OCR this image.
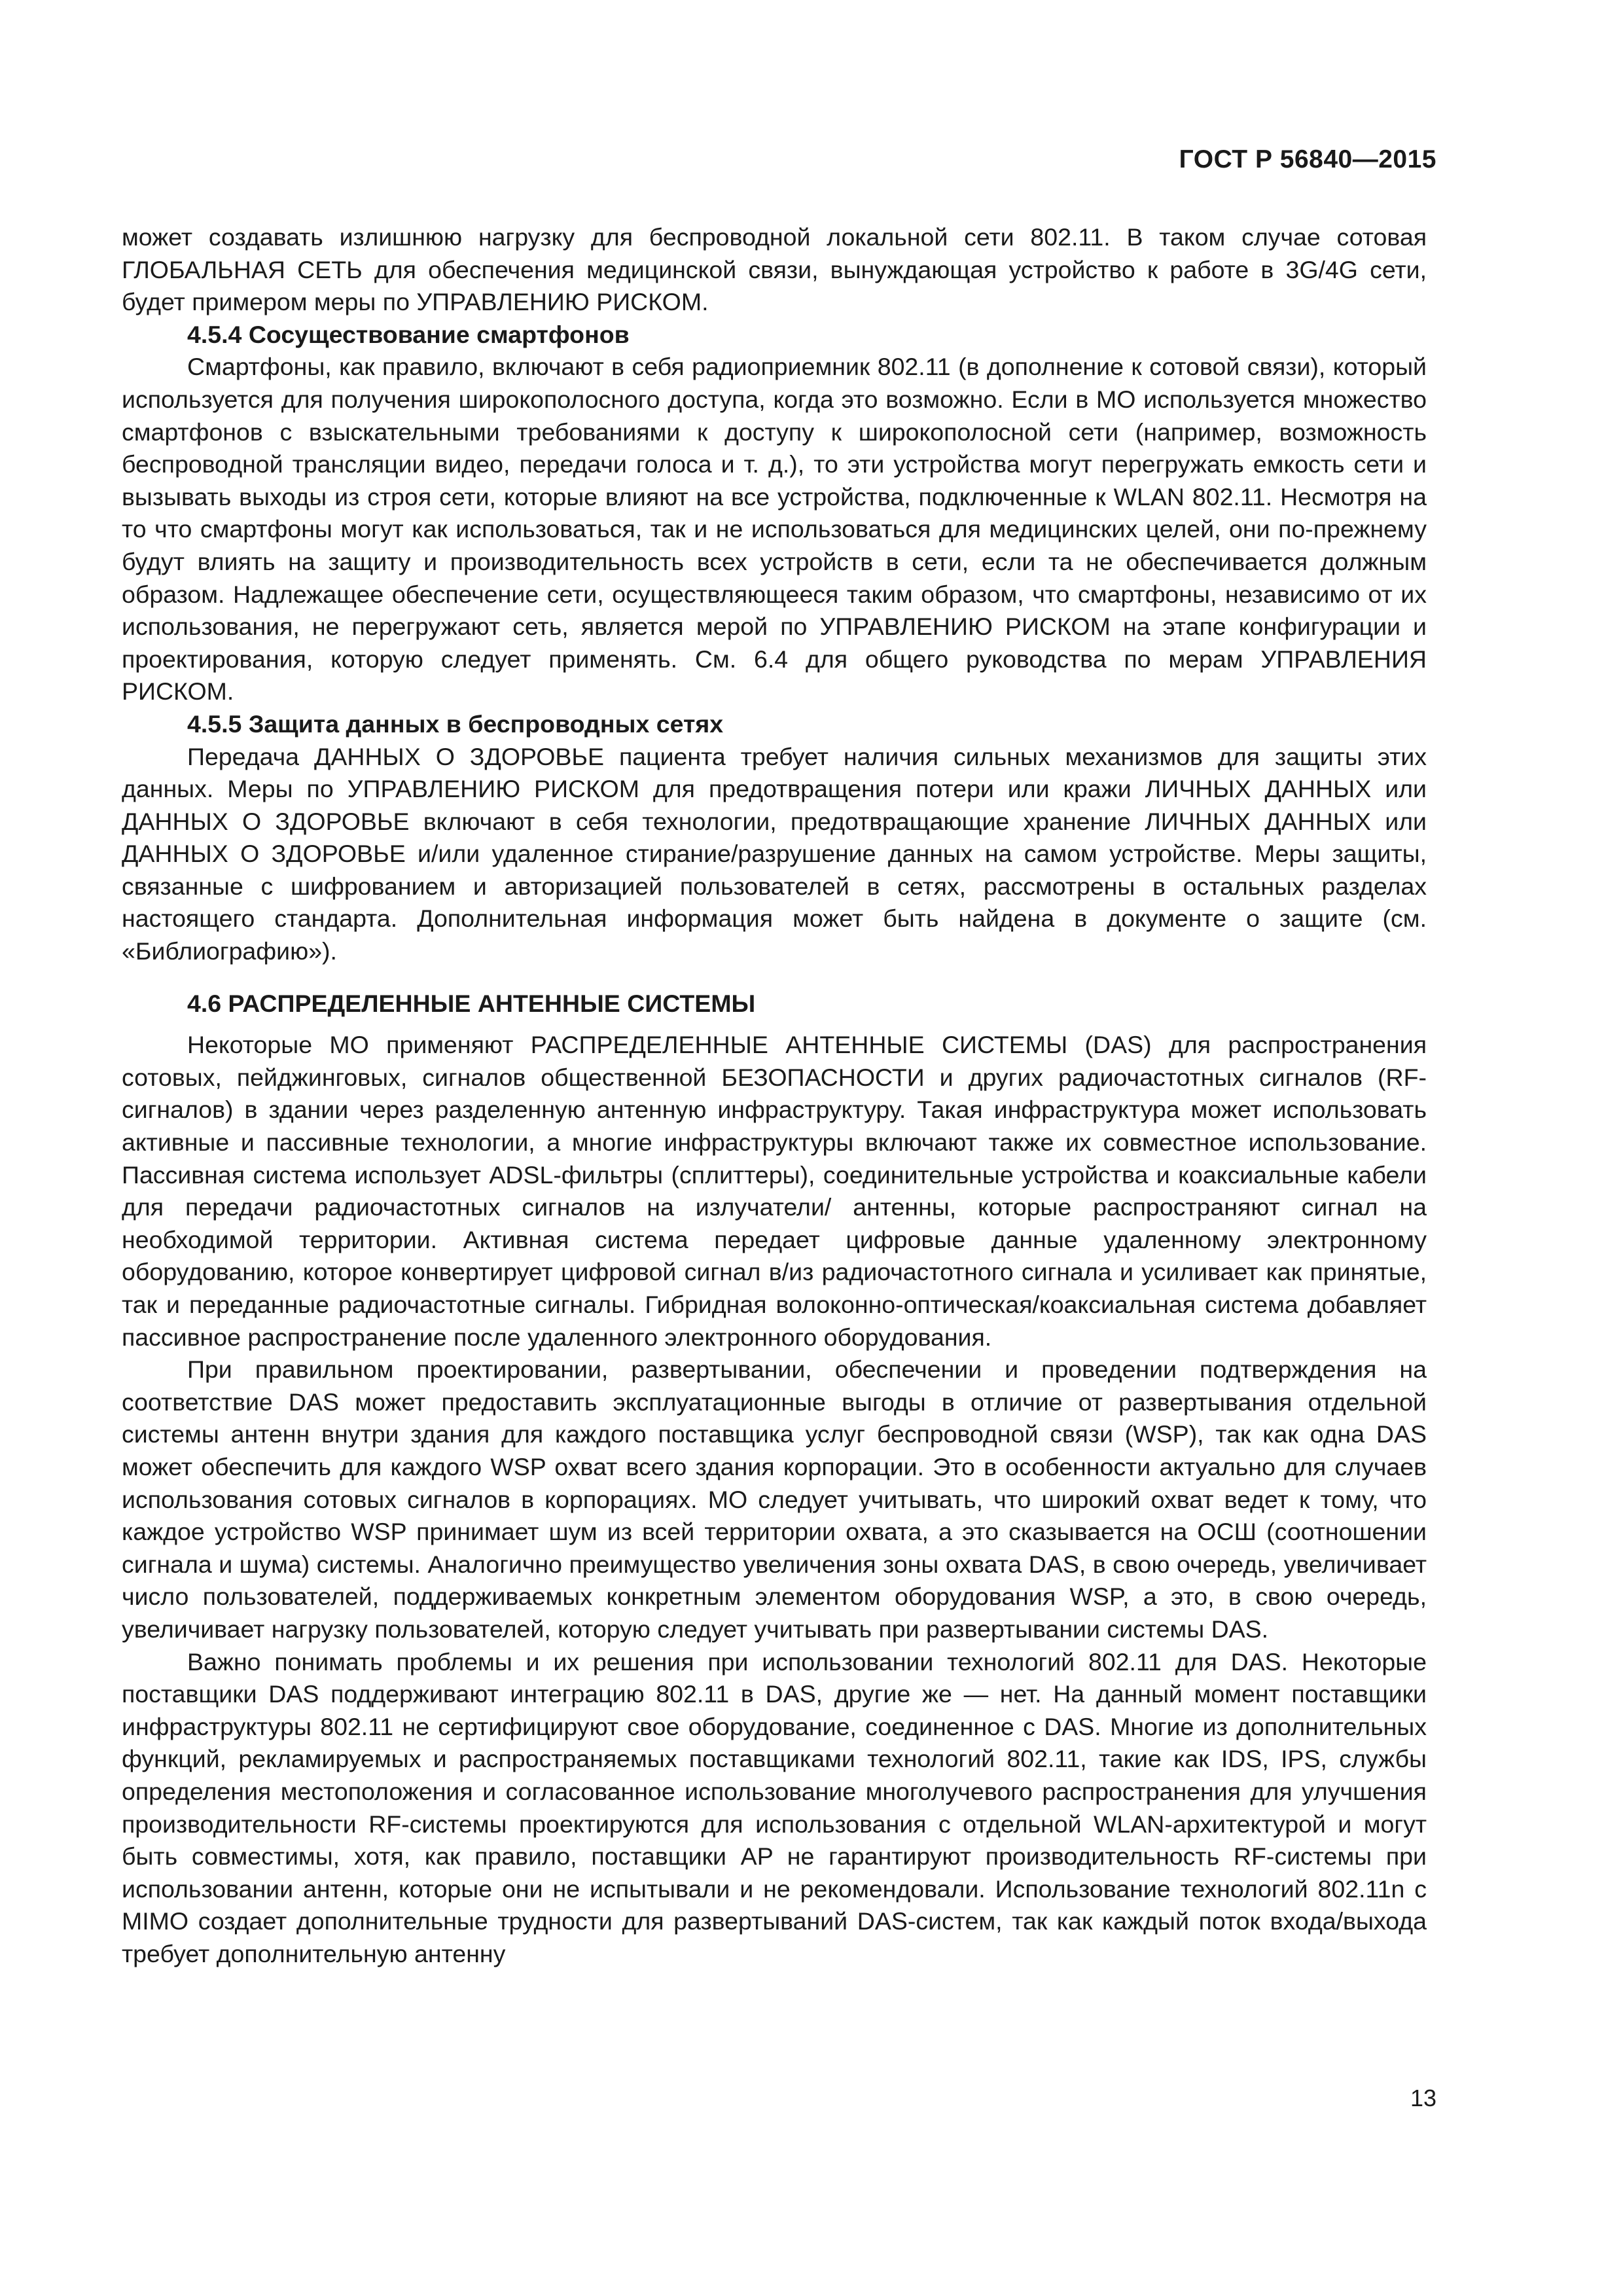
ГОСТ Р 56840—2015

может создавать излишнюю нагрузку для беспроводной локальной сети 802.11. В таком случае сотовая ГЛОБАЛЬНАЯ СЕТЬ для обеспечения медицинской связи, вынуждающая устройство к работе в 3G/4G сети, будет примером меры по УПРАВЛЕНИЮ РИСКОМ.

4.5.4 Сосуществование смартфонов

Смартфоны, как правило, включают в себя радиоприемник 802.11 (в дополнение к сотовой связи), который используется для получения широкополосного доступа, когда это возможно. Если в МО используется множество смартфонов с взыскательными требованиями к доступу к широкополосной сети (например, возможность беспроводной трансляции видео, передачи голоса и т. д.), то эти устройства могут перегружать емкость сети и вызывать выходы из строя сети, которые влияют на все устройства, подключенные к WLAN 802.11. Несмотря на то что смартфоны могут как использоваться, так и не использоваться для медицинских целей, они по-прежнему будут влиять на защиту и производительность всех устройств в сети, если та не обеспечивается должным образом. Надлежащее обеспечение сети, осуществляющееся таким образом, что смартфоны, независимо от их использования, не перегружают сеть, является мерой по УПРАВЛЕНИЮ РИСКОМ на этапе конфигурации и проектирования, которую следует применять. См. 6.4 для общего руководства по мерам УПРАВЛЕНИЯ РИСКОМ.

4.5.5 Защита данных в беспроводных сетях

Передача ДАННЫХ О ЗДОРОВЬЕ пациента требует наличия сильных механизмов для защиты этих данных. Меры по УПРАВЛЕНИЮ РИСКОМ для предотвращения потери или кражи ЛИЧНЫХ ДАННЫХ или ДАННЫХ О ЗДОРОВЬЕ включают в себя технологии, предотвращающие хранение ЛИЧНЫХ ДАННЫХ или ДАННЫХ О ЗДОРОВЬЕ и/или удаленное стирание/разрушение данных на самом устройстве. Меры защиты, связанные с шифрованием и авторизацией пользователей в сетях, рассмотрены в остальных разделах настоящего стандарта. Дополнительная информация может быть найдена в документе о защите (см. «Библиографию»).

4.6 РАСПРЕДЕЛЕННЫЕ АНТЕННЫЕ СИСТЕМЫ

Некоторые МО применяют РАСПРЕДЕЛЕННЫЕ АНТЕННЫЕ СИСТЕМЫ (DAS) для распространения сотовых, пейджинговых, сигналов общественной БЕЗОПАСНОСТИ и других радиочастотных сигналов (RF-сигналов) в здании через разделенную антенную инфраструктуру. Такая инфраструктура может использовать активные и пассивные технологии, а многие инфраструктуры включают также их совместное использование. Пассивная система использует ADSL-фильтры (сплиттеры), соединительные устройства и коаксиальные кабели для передачи радиочастотных сигналов на излучатели/ антенны, которые распространяют сигнал на необходимой территории. Активная система передает цифровые данные удаленному электронному оборудованию, которое конвертирует цифровой сигнал в/из радиочастотного сигнала и усиливает как принятые, так и переданные радиочастотные сигналы. Гибридная волоконно-оптическая/коаксиальная система добавляет пассивное распространение после удаленного электронного оборудования.

При правильном проектировании, развертывании, обеспечении и проведении подтверждения на соответствие DAS может предоставить эксплуатационные выгоды в отличие от развертывания отдельной системы антенн внутри здания для каждого поставщика услуг беспроводной связи (WSP), так как одна DAS может обеспечить для каждого WSP охват всего здания корпорации. Это в особенности актуально для случаев использования сотовых сигналов в корпорациях. МО следует учитывать, что широкий охват ведет к тому, что каждое устройство WSP принимает шум из всей территории охвата, а это сказывается на ОСШ (соотношении сигнала и шума) системы. Аналогично преимущество увеличения зоны охвата DAS, в свою очередь, увеличивает число пользователей, поддерживаемых конкретным элементом оборудования WSP, а это, в свою очередь, увеличивает нагрузку пользователей, которую следует учитывать при развертывании системы DAS.

Важно понимать проблемы и их решения при использовании технологий 802.11 для DAS. Некоторые поставщики DAS поддерживают интеграцию 802.11 в DAS, другие же — нет. На данный момент поставщики инфраструктуры 802.11 не сертифицируют свое оборудование, соединенное с DAS. Многие из дополнительных функций, рекламируемых и распространяемых поставщиками технологий 802.11, такие как IDS, IPS, службы определения местоположения и согласованное использование многолучевого распространения для улучшения производительности RF-системы проектируются для использования с отдельной WLAN-архитектурой и могут быть совместимы, хотя, как правило, поставщики AP не гарантируют производительность RF-системы при использовании антенн, которые они не испытывали и не рекомендовали. Использование технологий 802.11n с MIMO создает дополнительные трудности для развертываний DAS-систем, так как каждый поток входа/выхода требует дополнительную антенну

13
